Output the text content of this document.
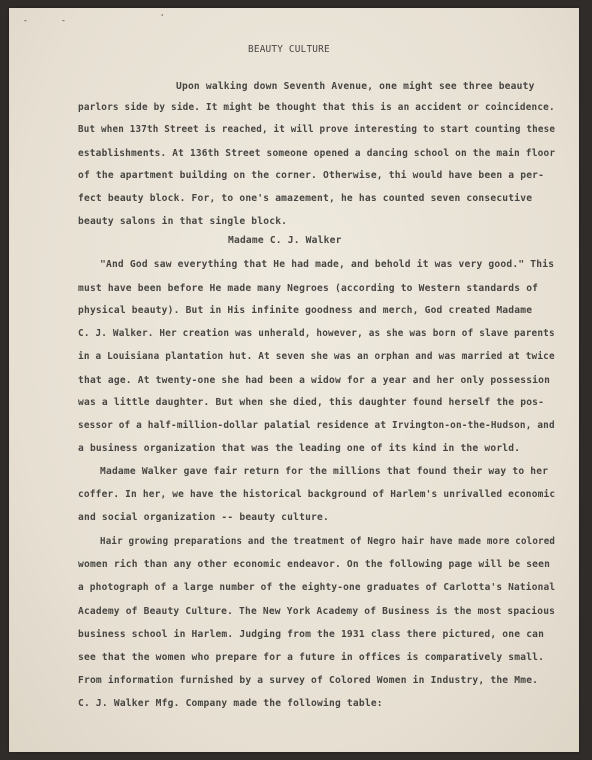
-	-	'
BEAUTY CULTURE
Upon walking down Seventh Avenue, one might see three beauty
parlors side by side. It might be thought that this is an accident or coincidence.
But when 137th Street is reached, it will prove interesting to start counting these
establishments. At 136th Street someone opened a dancing school on the main floor
of the apartment building on the corner. Otherwise, thi would have been a per-
fect beauty block. For, to one's amazement, he has counted seven consecutive
beauty salons in that single block.
Madame C. J. Walker
"And God saw everything that He had made, and behold it was very good." This
must have been before He made many Negroes (according to Western standards of
physical beauty). But in His infinite goodness and merch, God created Madame
C. J. Walker. Her creation was unherald, however, as she was born of slave parents
in a Louisiana plantation hut. At seven she was an orphan and was married at twice
that age. At twenty-one she had been a widow for a year and her only possession
was a little daughter. But when she died, this daughter found herself the pos-
sessor of a half-million-dollar palatial residence at Irvington-on-the-Hudson, and
a business organization that was the leading one of its kind in the world.
Madame Walker gave fair return for the millions that found their way to her
coffer. In her, we have the historical background of Harlem's unrivalled economic
and social organization -- beauty culture.
Hair growing preparations and the treatment of Negro hair have made more colored
women rich than any other economic endeavor. On the following page will be seen
a photograph of a large number of the eighty-one graduates of Carlotta's National
Academy of Beauty Culture. The New York Academy of Business is the most spacious
business school in Harlem. Judging from the 1931 class there pictured, one can
see that the women who prepare for a future in offices is comparatively small.
From information furnished by a survey of Colored Women in Industry, the Mme.
C. J. Walker Mfg. Company made the following table:
